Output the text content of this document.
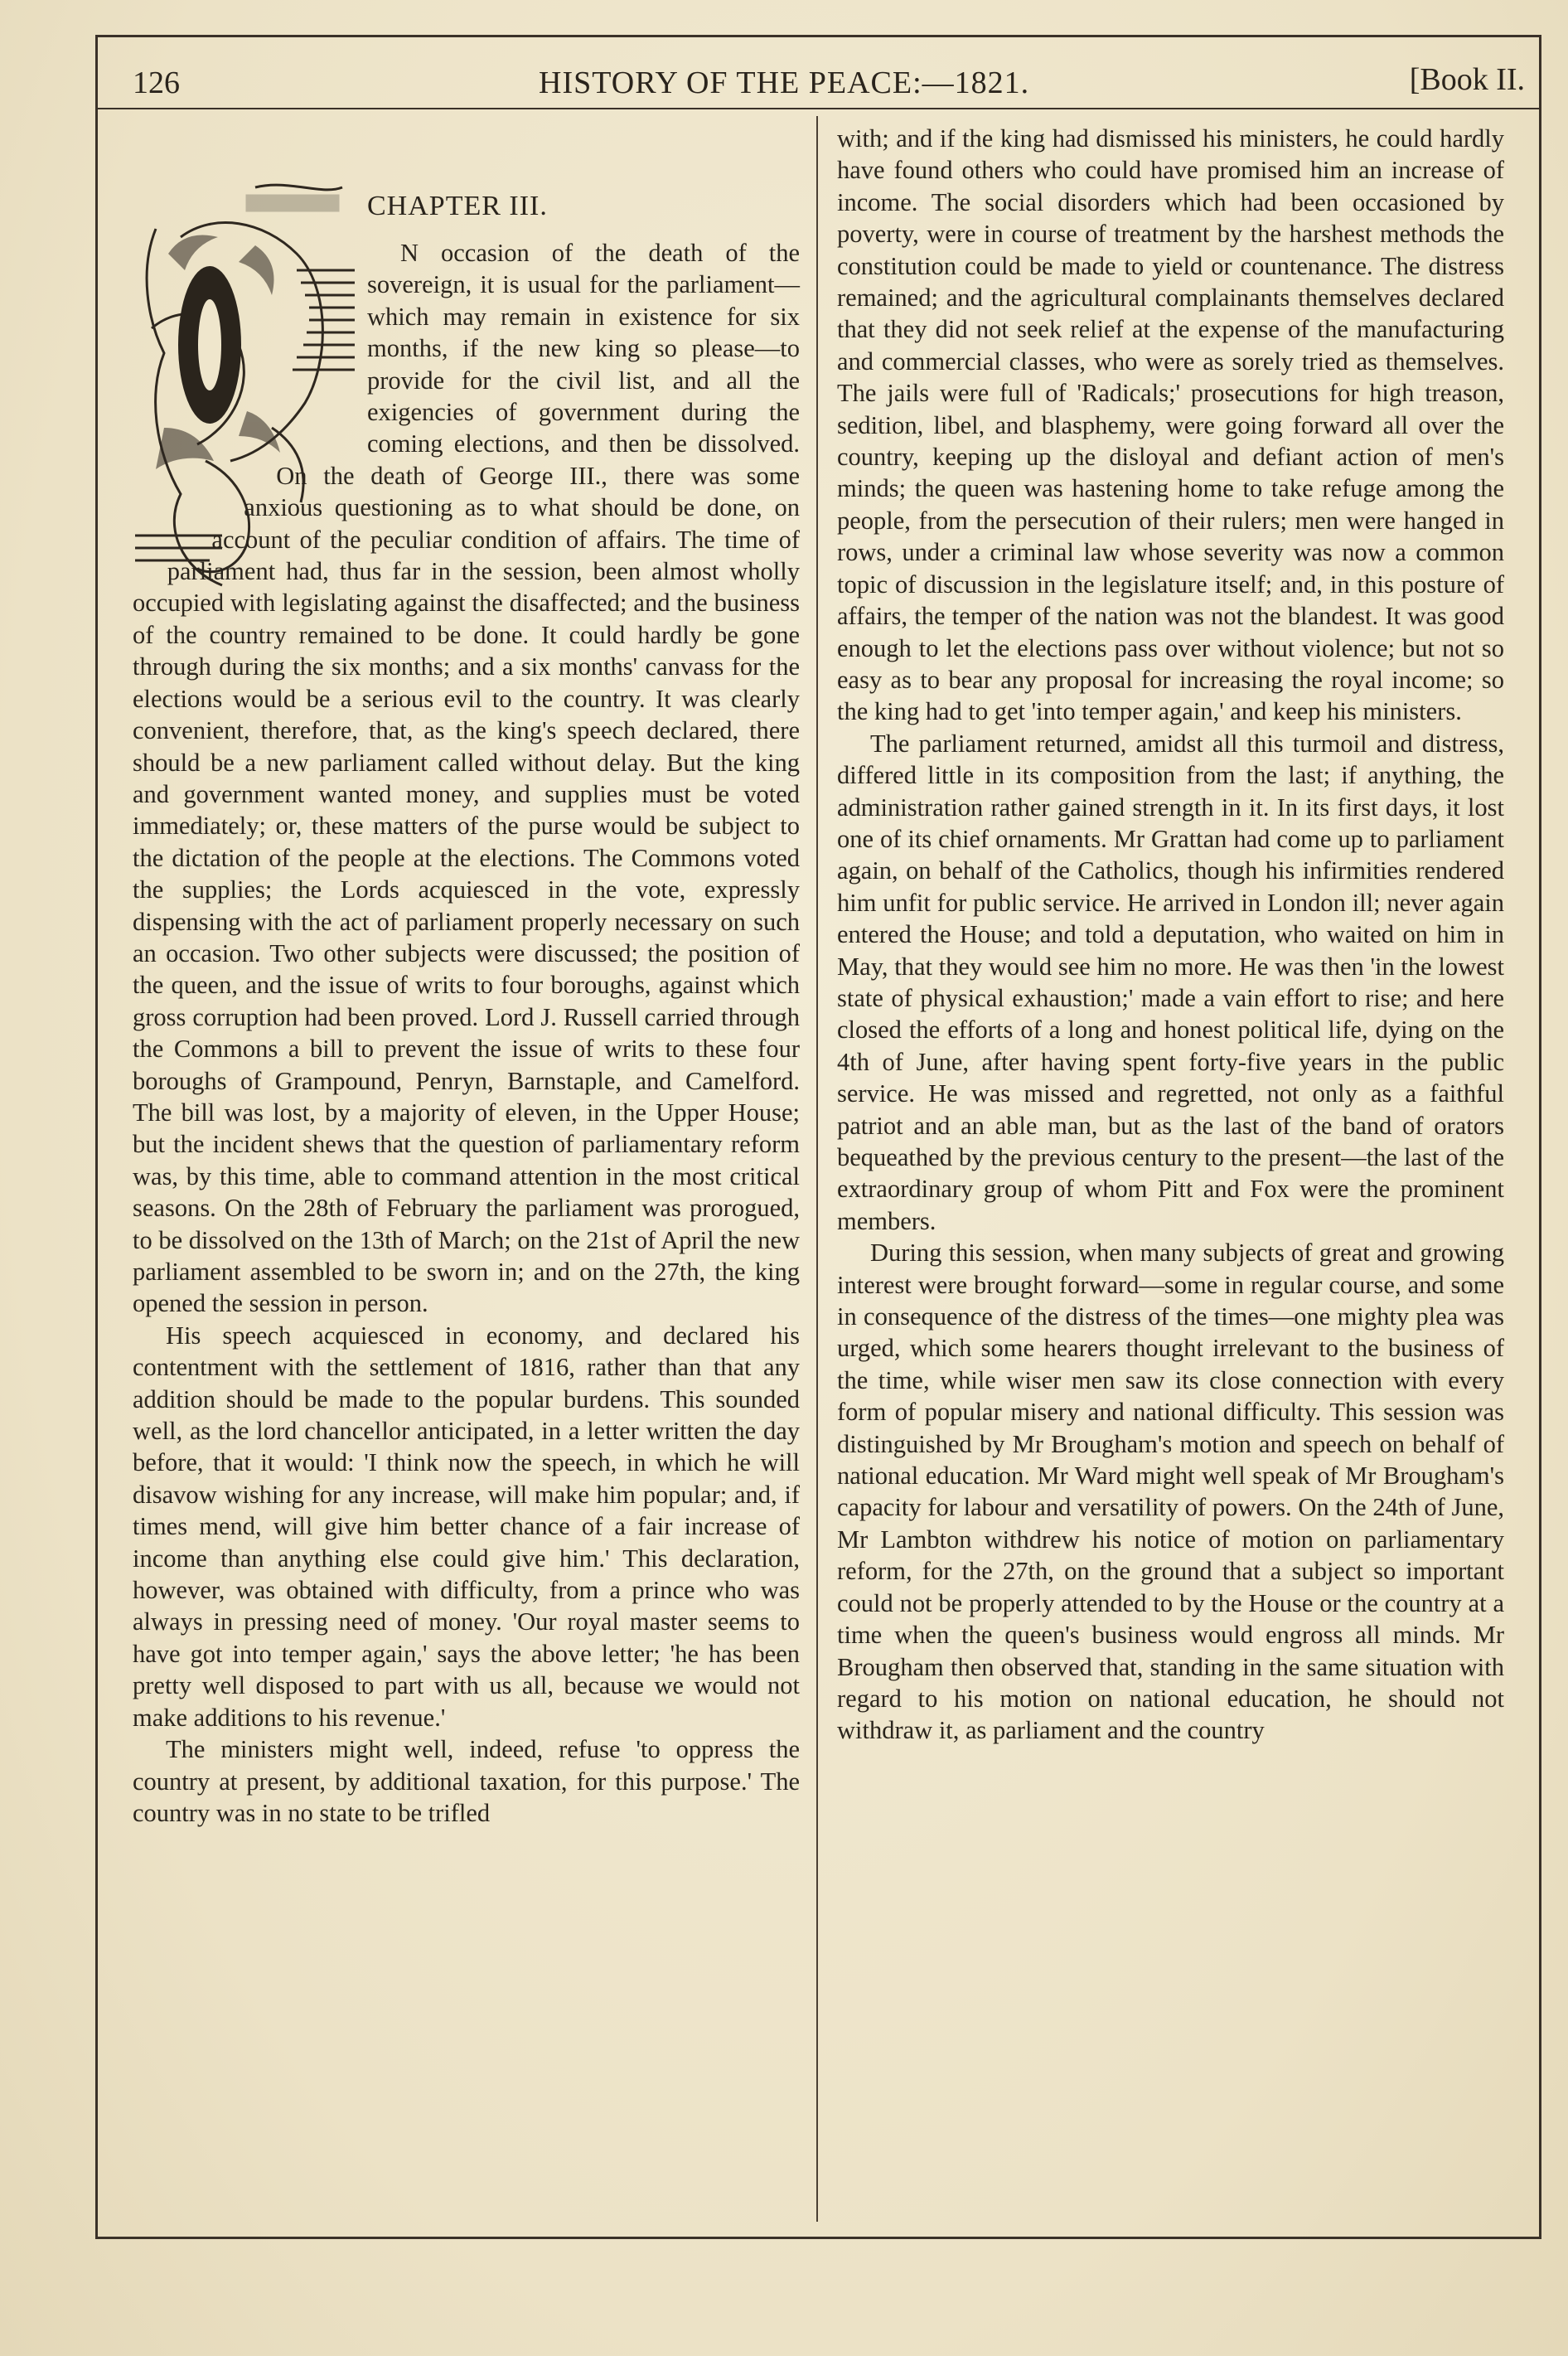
126	HISTORY OF THE PEACE:—1821.	[Book II.
CHAPTER III.

N occasion of the death of the sovereign, it is usual for the parliament—which may remain in existence for six months, if the new king so please—to provide for the civil list, and all the exigencies of government during the coming elections, and then be dissolved. On the death of George III., there was some anxious questioning as to what should be done, on account of the peculiar condition of affairs. The time of parliament had, thus far in the session, been almost wholly occupied with legislating against the disaffected; and the business of the country remained to be done. It could hardly be gone through during the six months; and a six months' canvass for the elections would be a serious evil to the country. It was clearly convenient, therefore, that, as the king's speech declared, there should be a new parliament called without delay. But the king and government wanted money, and supplies must be voted immediately; or, these matters of the purse would be subject to the dictation of the people at the elections. The Commons voted the supplies; the Lords acquiesced in the vote, expressly dispensing with the act of parliament properly necessary on such an occasion. Two other subjects were discussed; the position of the queen, and the issue of writs to four boroughs, against which gross corruption had been proved. Lord J. Russell carried through the Commons a bill to prevent the issue of writs to these four boroughs of Grampound, Penryn, Barnstaple, and Camelford. The bill was lost, by a majority of eleven, in the Upper House; but the incident shews that the question of parliamentary reform was, by this time, able to command attention in the most critical seasons. On the 28th of February the parliament was prorogued, to be dissolved on the 13th of March; on the 21st of April the new parliament assembled to be sworn in; and on the 27th, the king opened the session in person.

His speech acquiesced in economy, and declared his contentment with the settlement of 1816, rather than that any addition should be made to the popular burdens. This sounded well, as the lord chancellor anticipated, in a letter written the day before, that it would: 'I think now the speech, in which he will disavow wishing for any increase, will make him popular; and, if times mend, will give him better chance of a fair increase of income than anything else could give him.' This declaration, however, was obtained with difficulty, from a prince who was always in pressing need of money. 'Our royal master seems to have got into temper again,' says the above letter; 'he has been pretty well disposed to part with us all, because we would not make additions to his revenue.'

The ministers might well, indeed, refuse 'to oppress the country at present, by additional taxation, for this purpose.' The country was in no state to be trifled

with; and if the king had dismissed his ministers, he could hardly have found others who could have promised him an increase of income. The social disorders which had been occasioned by poverty, were in course of treatment by the harshest methods the constitution could be made to yield or countenance. The distress remained; and the agricultural complainants themselves declared that they did not seek relief at the expense of the manufacturing and commercial classes, who were as sorely tried as themselves. The jails were full of 'Radicals;' prosecutions for high treason, sedition, libel, and blasphemy, were going forward all over the country, keeping up the disloyal and defiant action of men's minds; the queen was hastening home to take refuge among the people, from the persecution of their rulers; men were hanged in rows, under a criminal law whose severity was now a common topic of discussion in the legislature itself; and, in this posture of affairs, the temper of the nation was not the blandest. It was good enough to let the elections pass over without violence; but not so easy as to bear any proposal for increasing the royal income; so the king had to get 'into temper again,' and keep his ministers.

The parliament returned, amidst all this turmoil and distress, differed little in its composition from the last; if anything, the administration rather gained strength in it. In its first days, it lost one of its chief ornaments. Mr Grattan had come up to parliament again, on behalf of the Catholics, though his infirmities rendered him unfit for public service. He arrived in London ill; never again entered the House; and told a deputation, who waited on him in May, that they would see him no more. He was then 'in the lowest state of physical exhaustion;' made a vain effort to rise; and here closed the efforts of a long and honest political life, dying on the 4th of June, after having spent forty-five years in the public service. He was missed and regretted, not only as a faithful patriot and an able man, but as the last of the band of orators bequeathed by the previous century to the present—the last of the extraordinary group of whom Pitt and Fox were the prominent members.

During this session, when many subjects of great and growing interest were brought forward—some in regular course, and some in consequence of the distress of the times—one mighty plea was urged, which some hearers thought irrelevant to the business of the time, while wiser men saw its close connection with every form of popular misery and national difficulty. This session was distinguished by Mr Brougham's motion and speech on behalf of national education. Mr Ward might well speak of Mr Brougham's capacity for labour and versatility of powers. On the 24th of June, Mr Lambton withdrew his notice of motion on parliamentary reform, for the 27th, on the ground that a subject so important could not be properly attended to by the House or the country at a time when the queen's business would engross all minds. Mr Brougham then observed that, standing in the same situation with regard to his motion on national education, he should not withdraw it, as parliament and the country
